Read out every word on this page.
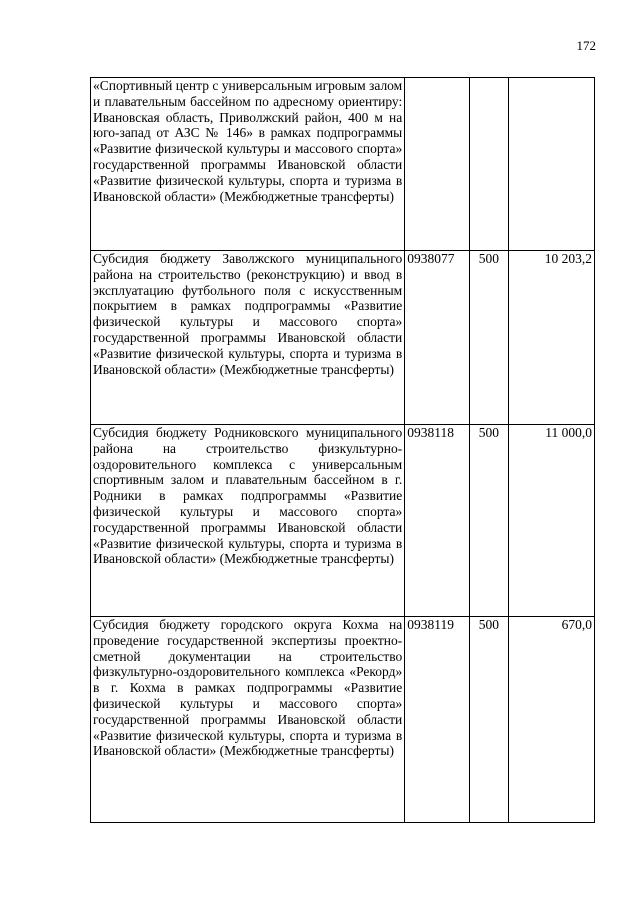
172
«Спортивный центр с универсальным игровым залом и плавательным бассейном по адресному ориентиру: Ивановская область, Приволжский район, 400 м на юго-запад от АЗС № 146» в рамках подпрограммы «Развитие физической культуры и массового спорта» государственной программы Ивановской области «Развитие физической культуры, спорта и туризма в Ивановской области» (Межбюджетные трансферты)			
Субсидия бюджету Заволжского муниципального района на строительство (реконструкцию) и ввод в эксплуатацию футбольного поля с искусственным покрытием в рамках подпрограммы «Развитие физической культуры и массового спорта» государственной программы Ивановской области «Развитие физической культуры, спорта и туризма в Ивановской области» (Межбюджетные трансферты)	0938077	500	10 203,2
Субсидия бюджету Родниковского муниципального района на строительство физкультурно-оздоровительного комплекса с универсальным спортивным залом и плавательным бассейном в г. Родники в рамках подпрограммы «Развитие физической культуры и массового спорта» государственной программы Ивановской области «Развитие физической культуры, спорта и туризма в Ивановской области» (Межбюджетные трансферты)	0938118	500	11 000,0
Субсидия бюджету городского округа Кохма на проведение государственной экспертизы проектно-сметной документации на строительство физкультурно-оздоровительного комплекса «Рекорд» в г. Кохма в рамках подпрограммы «Развитие физической культуры и массового спорта» государственной программы Ивановской области «Развитие физической культуры, спорта и туризма в Ивановской области» (Межбюджетные трансферты)	0938119	500	670,0
